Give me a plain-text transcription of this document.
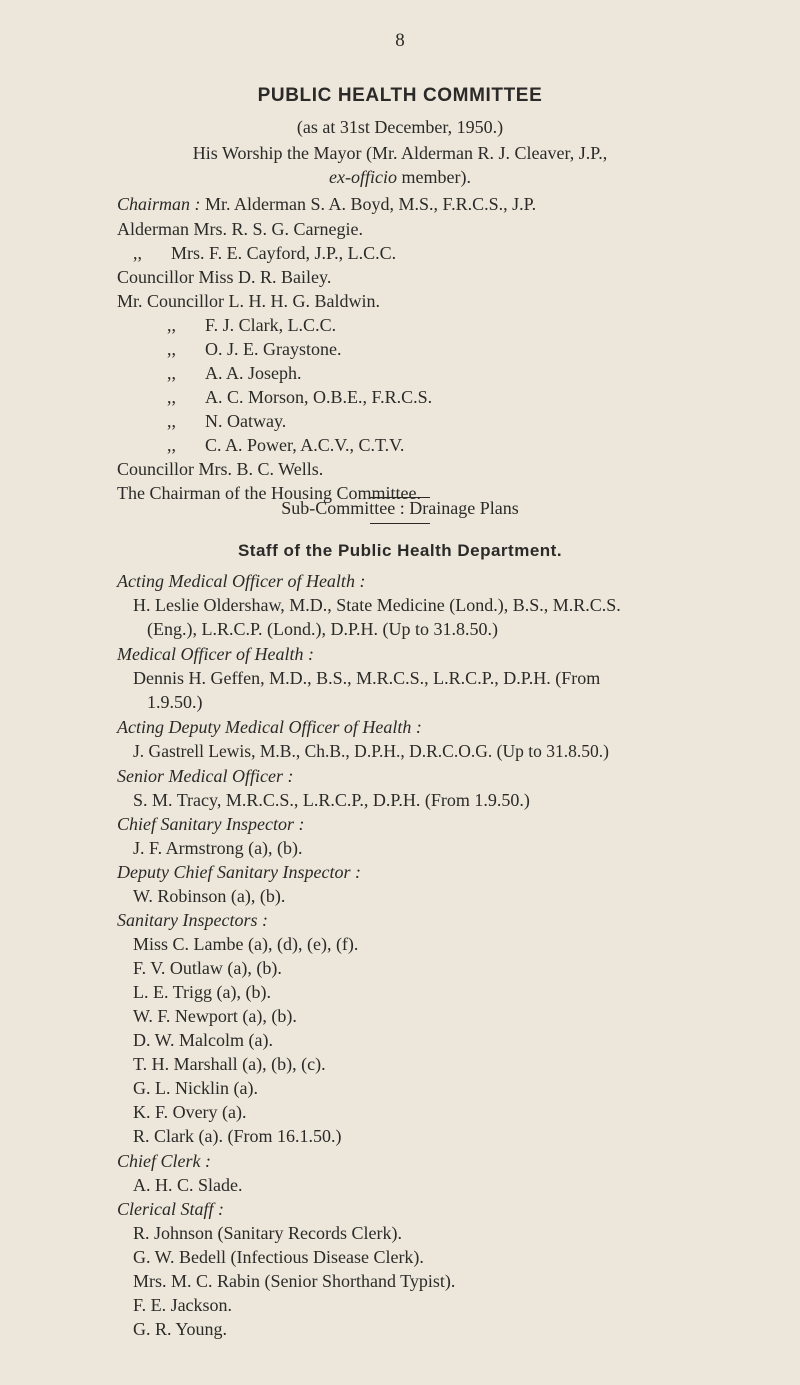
8
PUBLIC HEALTH COMMITTEE
(as at 31st December, 1950.)
His Worship the Mayor (Mr. Alderman R. J. Cleaver, J.P.,
ex-officio member).
Chairman : Mr. Alderman S. A. Boyd, M.S., F.R.C.S., J.P.
Alderman Mrs. R. S. G. Carnegie.
,, Mrs. F. E. Cayford, J.P., L.C.C.
Councillor Miss D. R. Bailey.
Mr. Councillor L. H. H. G. Baldwin.
,, F. J. Clark, L.C.C.
,, O. J. E. Graystone.
,, A. A. Joseph.
,, A. C. Morson, O.B.E., F.R.C.S.
,, N. Oatway.
,, C. A. Power, A.C.V., C.T.V.
Councillor Mrs. B. C. Wells.
The Chairman of the Housing Committee.
Sub-Committee : Drainage Plans
Staff of the Public Health Department.
Acting Medical Officer of Health :
H. Leslie Oldershaw, M.D., State Medicine (Lond.), B.S., M.R.C.S.
(Eng.), L.R.C.P. (Lond.), D.P.H. (Up to 31.8.50.)
Medical Officer of Health :
Dennis H. Geffen, M.D., B.S., M.R.C.S., L.R.C.P., D.P.H. (From
1.9.50.)
Acting Deputy Medical Officer of Health :
J. Gastrell Lewis, M.B., Ch.B., D.P.H., D.R.C.O.G. (Up to 31.8.50.)
Senior Medical Officer :
S. M. Tracy, M.R.C.S., L.R.C.P., D.P.H. (From 1.9.50.)
Chief Sanitary Inspector :
J. F. Armstrong (a), (b).
Deputy Chief Sanitary Inspector :
W. Robinson (a), (b).
Sanitary Inspectors :
Miss C. Lambe (a), (d), (e), (f).
F. V. Outlaw (a), (b).
L. E. Trigg (a), (b).
W. F. Newport (a), (b).
D. W. Malcolm (a).
T. H. Marshall (a), (b), (c).
G. L. Nicklin (a).
K. F. Overy (a).
R. Clark (a). (From 16.1.50.)
Chief Clerk :
A. H. C. Slade.
Clerical Staff :
R. Johnson (Sanitary Records Clerk).
G. W. Bedell (Infectious Disease Clerk).
Mrs. M. C. Rabin (Senior Shorthand Typist).
F. E. Jackson.
G. R. Young.
